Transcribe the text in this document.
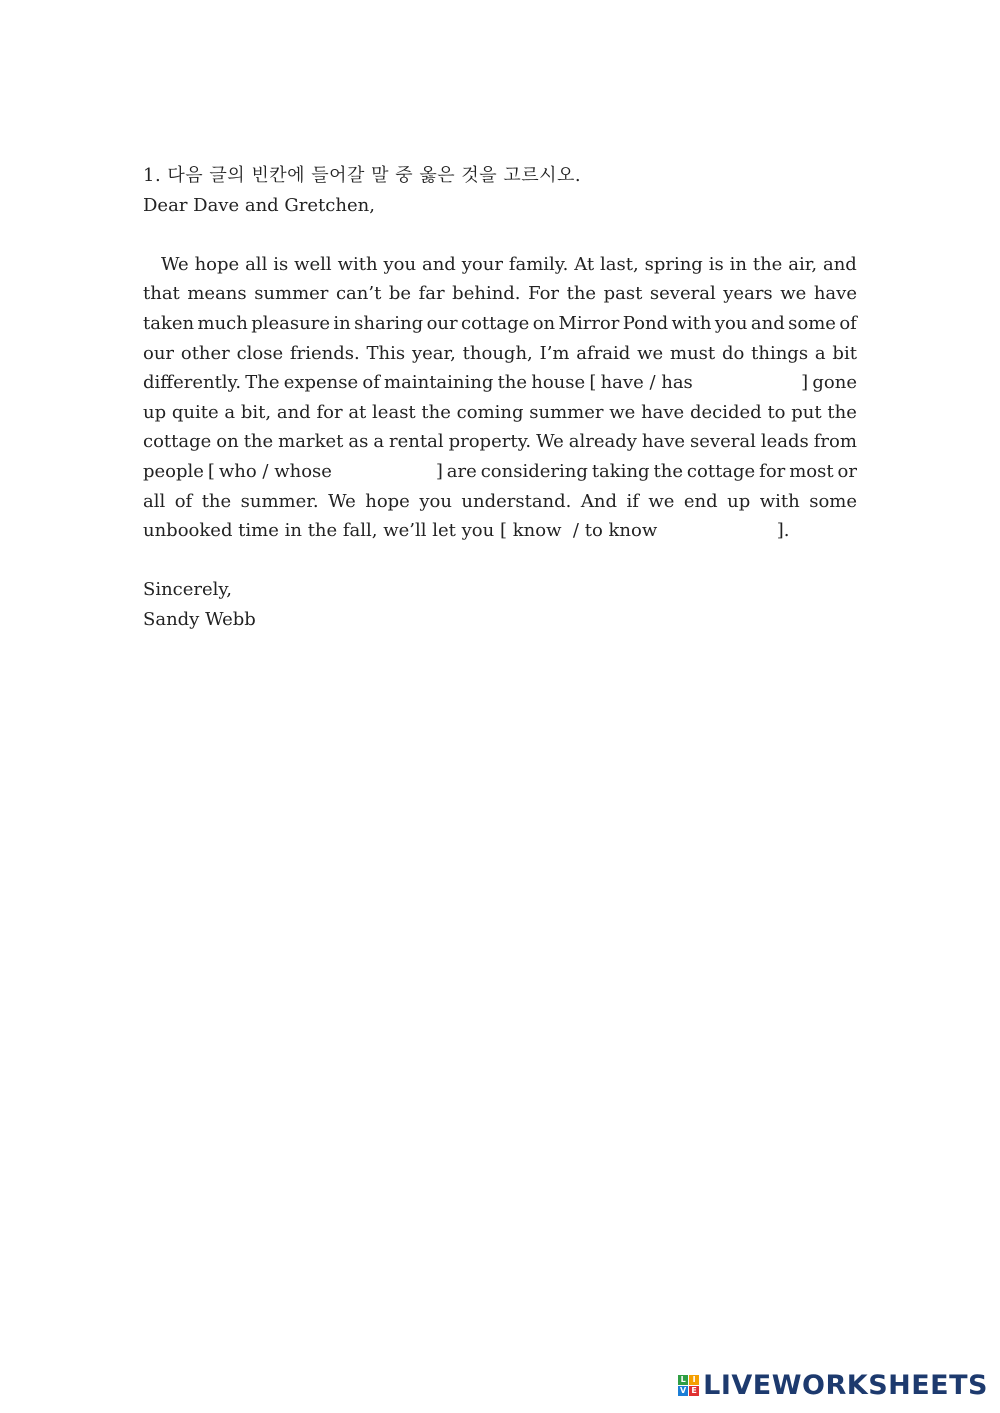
1. 다음 글의 빈칸에 들어갈 말 중 옳은 것을 고르시오.
Dear Dave and Gretchen,
We hope all is well with you and your family. At last, spring is in the air, and
that means summer can’t be far behind. For the past several years we have
taken much pleasure in sharing our cottage on Mirror Pond with you and some of
our other close friends. This year, though, I’m afraid we must do things a bit
differently. The expense of maintaining the house [ have / has	] gone
up quite a bit, and for at least the coming summer we have decided to put the
cottage on the market as a rental property. We already have several leads from
people [ who / whose	] are considering taking the cottage for most or
all of the summer. We hope you understand. And if we end up with some
unbooked time in the fall, we’ll let you [ know  / to know	].
Sincerely,
Sandy Webb
L I
V E LIVEWORKSHEETS
